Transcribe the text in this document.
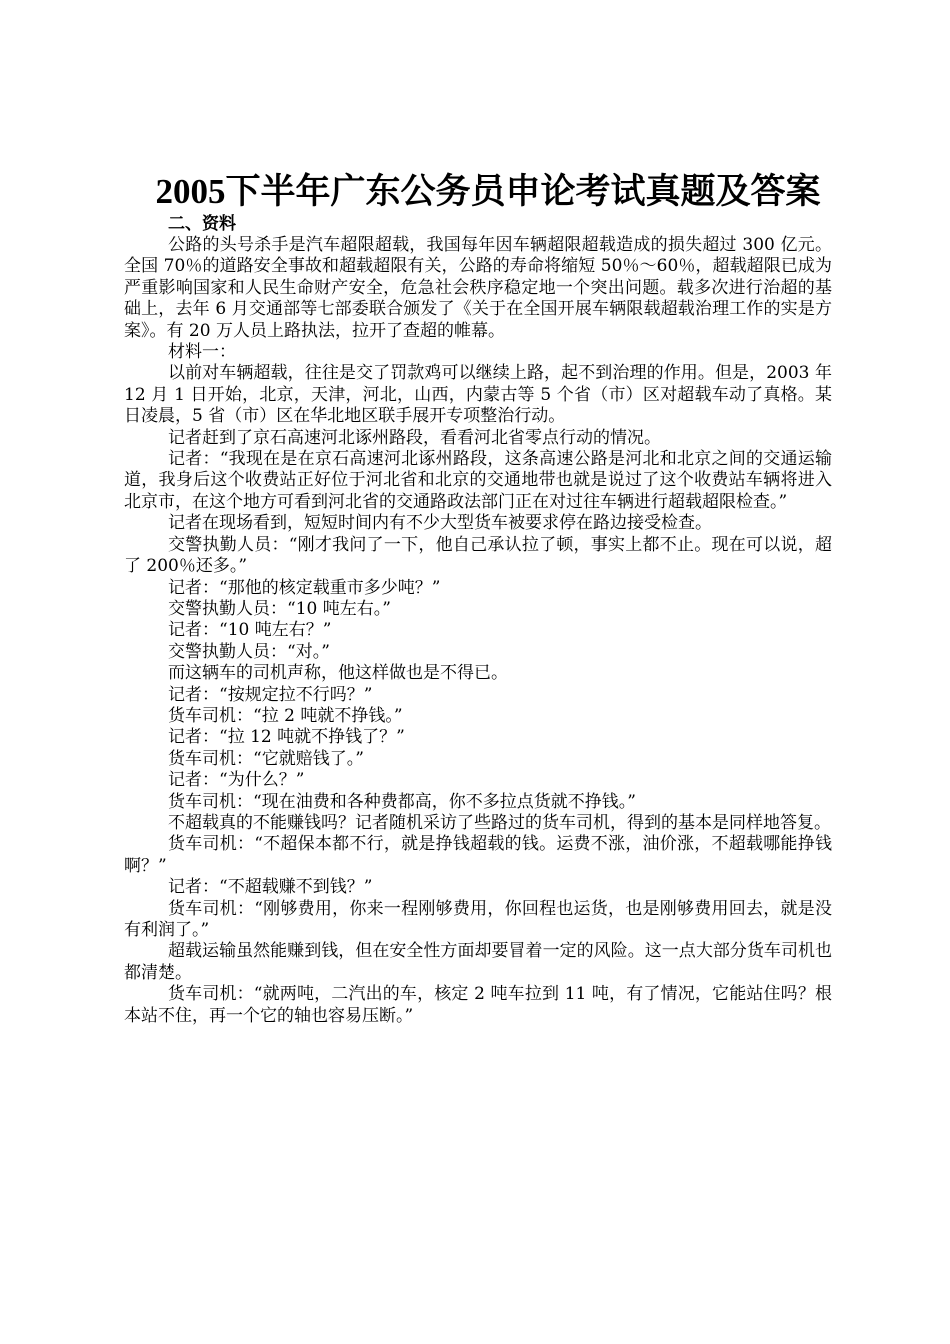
2005下半年广东公务员申论考试真题及答案

二、资料

公路的头号杀手是汽车超限超载，我国每年因车辆超限超载造成的损失超过 300 亿元。全国 70％的道路安全事故和超载超限有关，公路的寿命将缩短 50％～60％，超载超限已成为严重影响国家和人民生命财产安全，危急社会秩序稳定地一个突出问题。载多次进行治超的基础上，去年 6 月交通部等七部委联合颁发了《关于在全国开展车辆限载超载治理工作的实是方案》。有 20 万人员上路执法，拉开了查超的帷幕。

材料一：

以前对车辆超载，往往是交了罚款鸡可以继续上路，起不到治理的作用。但是，2003 年 12 月 1 日开始，北京，天津，河北，山西，内蒙古等 5 个省（市）区对超载车动了真格。某日凌晨，5 省（市）区在华北地区联手展开专项整治行动。

记者赶到了京石高速河北诼州路段，看看河北省零点行动的情况。

记者：“我现在是在京石高速河北诼州路段，这条高速公路是河北和北京之间的交通运输道，我身后这个收费站正好位于河北省和北京的交通地带也就是说过了这个收费站车辆将进入北京市，在这个地方可看到河北省的交通路政法部门正在对过往车辆进行超载超限检查。”

记者在现场看到，短短时间内有不少大型货车被要求停在路边接受检查。

交警执勤人员：“刚才我问了一下，他自己承认拉了顿，事实上都不止。现在可以说，超了 200％还多。”

记者：“那他的核定载重市多少吨？”

交警执勤人员：“10 吨左右。”

记者：“10 吨左右？”

交警执勤人员：“对。”

而这辆车的司机声称，他这样做也是不得已。

记者：“按规定拉不行吗？”

货车司机：“拉 2 吨就不挣钱。”

记者：“拉 12 吨就不挣钱了？”

货车司机：“它就赔钱了。”

记者：“为什么？”

货车司机：“现在油费和各种费都高，你不多拉点货就不挣钱。”

不超载真的不能赚钱吗？记者随机采访了些路过的货车司机，得到的基本是同样地答复。

货车司机：“不超保本都不行，就是挣钱超载的钱。运费不涨，油价涨，不超载哪能挣钱啊？”

记者：“不超载赚不到钱？”

货车司机：“刚够费用，你来一程刚够费用，你回程也运货，也是刚够费用回去，就是没有利润了。”

超载运输虽然能赚到钱，但在安全性方面却要冒着一定的风险。这一点大部分货车司机也都清楚。

货车司机：“就两吨，二汽出的车，核定 2 吨车拉到 11 吨，有了情况，它能站住吗？根本站不住，再一个它的轴也容易压断。”
